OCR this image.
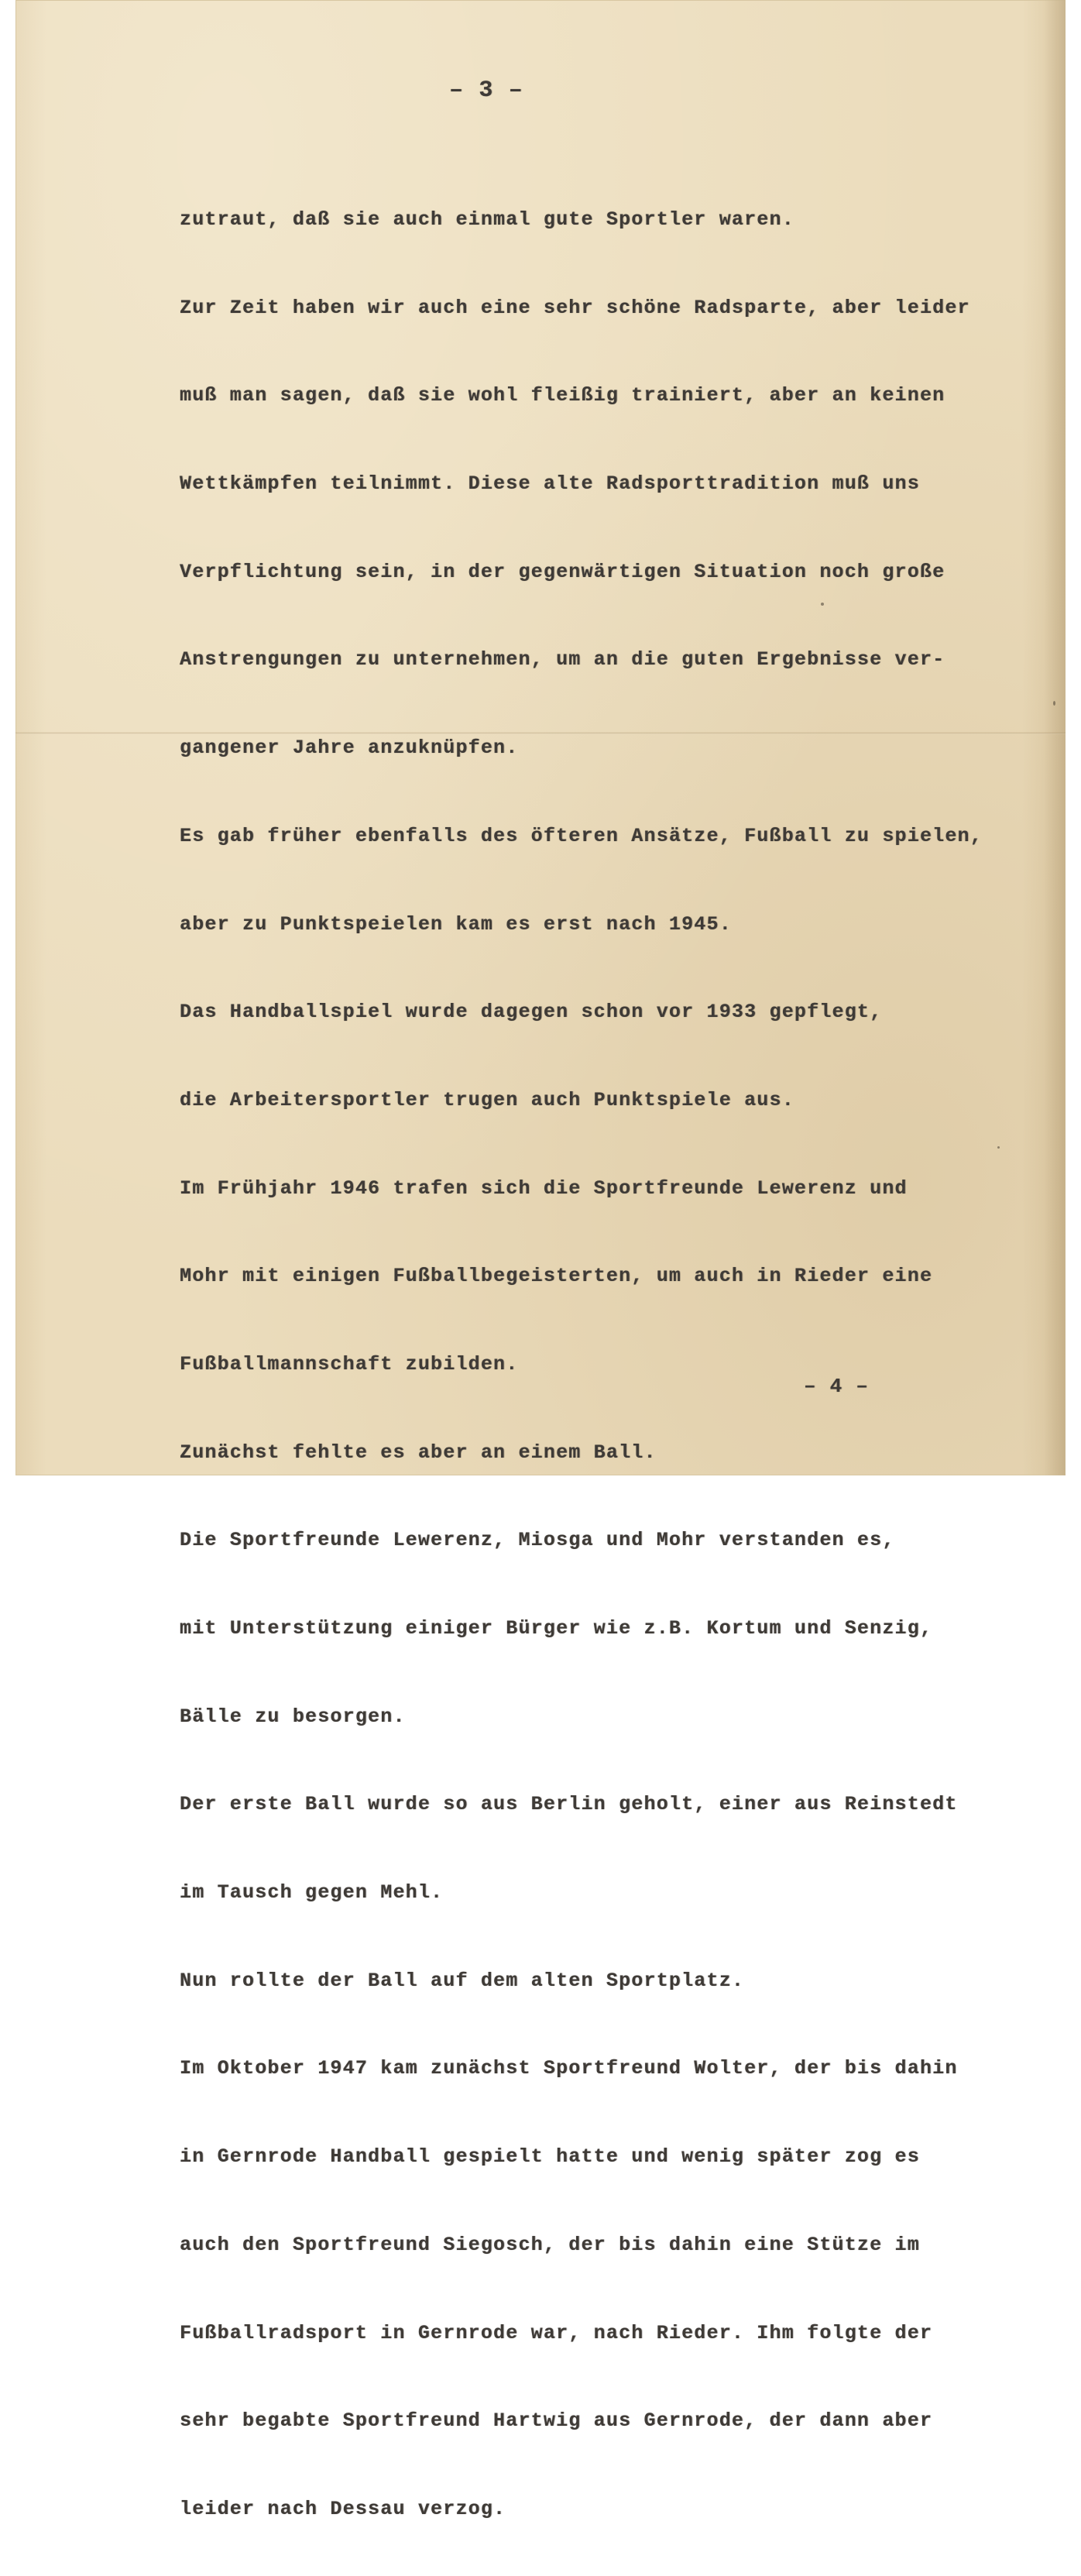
– 3 –

zutraut, daß sie auch einmal gute Sportler waren.

Zur Zeit haben wir auch eine sehr schöne Radsparte, aber leider

muß man sagen, daß sie wohl fleißig trainiert, aber an keinen

Wettkämpfen teilnimmt. Diese alte Radsporttradition muß uns

Verpflichtung sein, in der gegenwärtigen Situation noch große

Anstrengungen zu unternehmen, um an die guten Ergebnisse ver-

gangener Jahre anzuknüpfen.

Es gab früher ebenfalls des öfteren Ansätze, Fußball zu spielen,

aber zu Punktspeielen kam es erst nach 1945.

Das Handballspiel wurde dagegen schon vor 1933 gepflegt,

die Arbeitersportler trugen auch Punktspiele aus.

Im Frühjahr 1946 trafen sich die Sportfreunde Lewerenz und

Mohr mit einigen Fußballbegeisterten, um auch in Rieder eine

Fußballmannschaft zubilden.

Zunächst fehlte es aber an einem Ball.

Die Sportfreunde Lewerenz, Miosga und Mohr verstanden es,

mit Unterstützung einiger Bürger wie z.B. Kortum und Senzig,

Bälle zu besorgen.

Der erste Ball wurde so aus Berlin geholt, einer aus Reinstedt

im Tausch gegen Mehl.

Nun rollte der Ball auf dem alten Sportplatz.

Im Oktober 1947 kam zunächst Sportfreund Wolter, der bis dahin

in Gernrode Handball gespielt hatte und wenig später zog es

auch den Sportfreund Siegosch, der bis dahin eine Stütze im

Fußballradsport in Gernrode war, nach Rieder. Ihm folgte der

sehr begabte Sportfreund Hartwig aus Gernrode, der dann aber

leider nach Dessau verzog.

– 4 –
